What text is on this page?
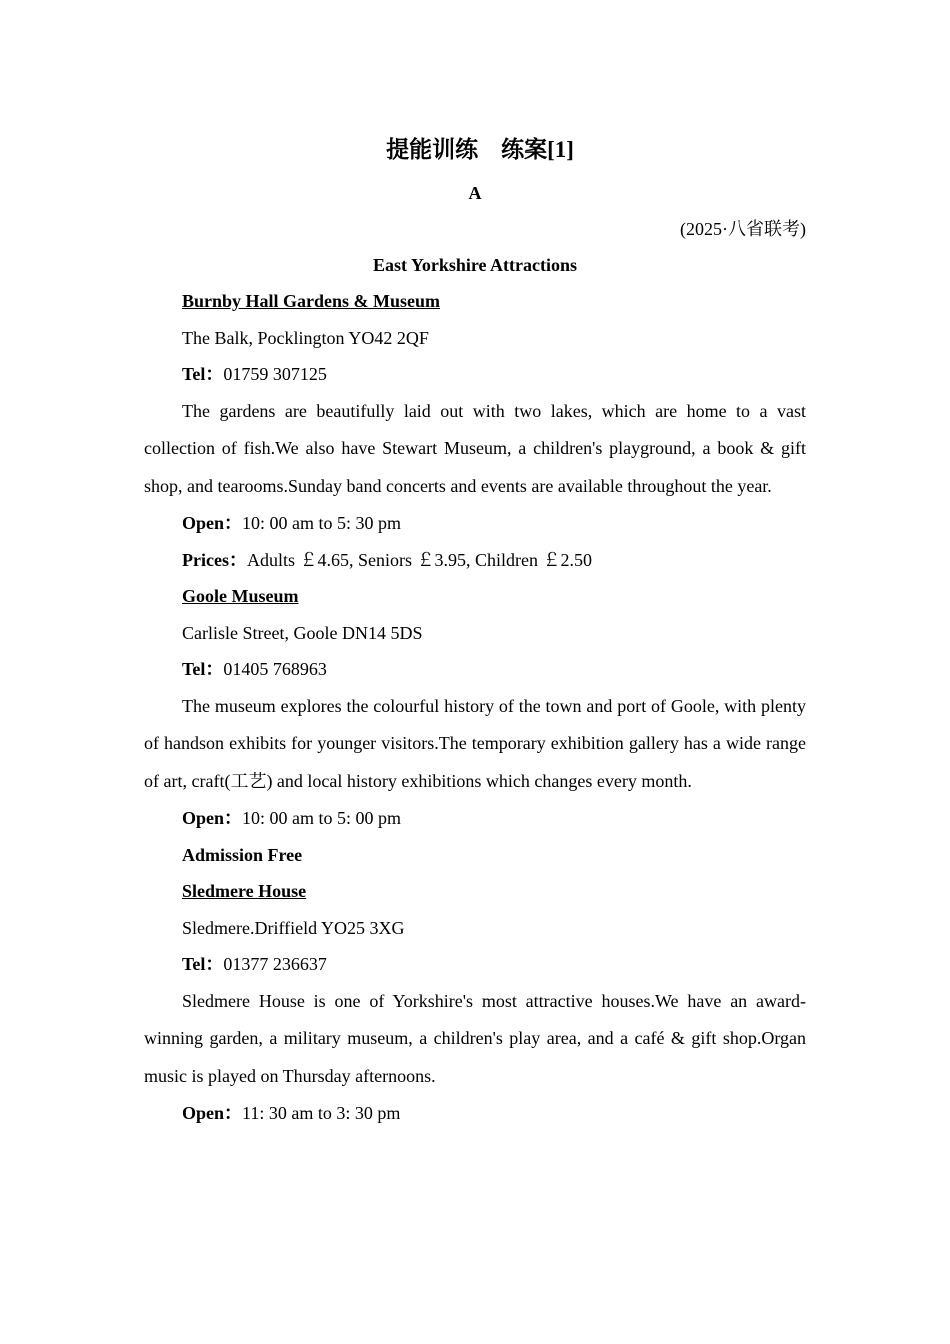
提能训练　练案[1]

A

(2025·八省联考)

East Yorkshire Attractions

Burnby Hall Gardens & Museum

The Balk, Pocklington YO42 2QF

Tel：01759 307125

The gardens are beautifully laid out with two lakes, which are home to a vast collection of fish.We also have Stewart Museum, a children's playground, a book & gift shop, and tearooms.Sunday band concerts and events are available throughout the year.

Open：10: 00 am to 5: 30 pm

Prices：Adults ￡4.65, Seniors ￡3.95, Children ￡2.50

Goole Museum

Carlisle Street, Goole DN14 5DS

Tel：01405 768963

The museum explores the colourful history of the town and port of Goole, with plenty of handson exhibits for younger visitors.The temporary exhibition gallery has a wide range of art, craft(工艺) and local history exhibitions which changes every month.

Open：10: 00 am to 5: 00 pm

Admission Free

Sledmere House

Sledmere.Driffield YO25 3XG

Tel：01377 236637

Sledmere House is one of Yorkshire's most attractive houses.We have an award-winning garden, a military museum, a children's play area, and a café & gift shop.Organ music is played on Thursday afternoons.

Open：11: 30 am to 3: 30 pm
